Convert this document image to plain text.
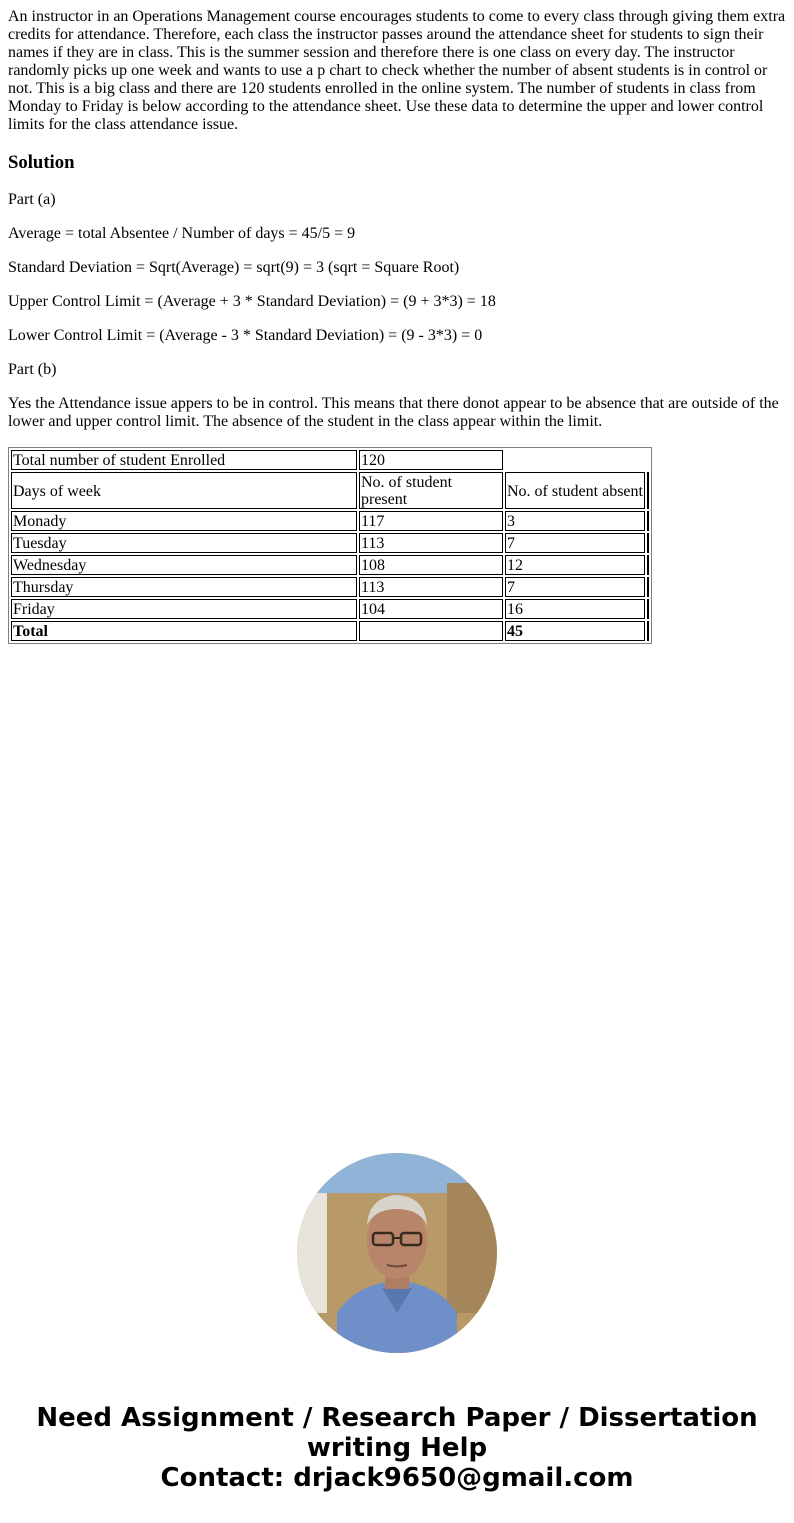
An instructor in an Operations Management course encourages students to come to every class through giving them extra credits for attendance. Therefore, each class the instructor passes around the attendance sheet for students to sign their names if they are in class. This is the summer session and therefore there is one class on every day. The instructor randomly picks up one week and wants to use a p chart to check whether the number of absent students is in control or not. This is a big class and there are 120 students enrolled in the online system. The number of students in class from Monday to Friday is below according to the attendance sheet. Use these data to determine the upper and lower control limits for the class attendance issue.

Solution

Part (a)

Average = total Absentee / Number of days = 45/5 = 9

Standard Deviation = Sqrt(Average) = sqrt(9) = 3 (sqrt = Square Root)

Upper Control Limit = (Average + 3 * Standard Deviation) = (9 + 3*3) = 18

Lower Control Limit = (Average - 3 * Standard Deviation) = (9 - 3*3) = 0

Part (b)

Yes the Attendance issue appers to be in control. This means that there donot appear to be absence that are outside of the lower and upper control limit. The absence of the student in the class appear within the limit.

Total number of student Enrolled	120		
Days of week	No. of student present	No. of student absent	
Monady	117	3	
Tuesday	113	7	
Wednesday	108	12	
Thursday	113	7	
Friday	104	16	
Total		45	
Need Assignment / Research Paper / Dissertation
writing Help
Contact: drjack9650@gmail.com
